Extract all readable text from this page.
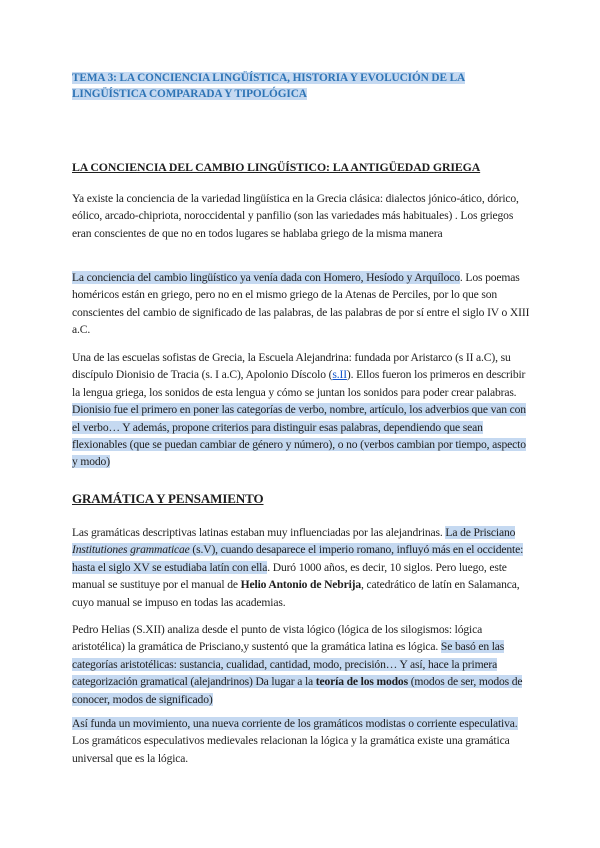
TEMA 3: LA CONCIENCIA LINGÜÍSTICA, HISTORIA Y EVOLUCIÓN DE LA LINGÜÍSTICA COMPARADA Y TIPOLÓGICA
LA CONCIENCIA DEL CAMBIO LINGÜÍSTICO: LA ANTIGÜEDAD GRIEGA

Ya existe la conciencia de la variedad lingüística en la Grecia clásica: dialectos jónico-ático, dórico, eólico, arcado-chipriota, noroccidental y panfilio (son las variedades más habituales) . Los griegos eran conscientes de que no en todos lugares se hablaba griego de la misma manera

La conciencia del cambio lingüístico ya venía dada con Homero, Hesíodo y Arquíloco. Los poemas homéricos están en griego, pero no en el mismo griego de la Atenas de Perciles, por lo que son conscientes del cambio de significado de las palabras, de las palabras de por sí entre el siglo IV o XIII a.C.

Una de las escuelas sofistas de Grecia, la Escuela Alejandrina: fundada por Aristarco (s II a.C), su discípulo Dionisio de Tracia (s. I a.C), Apolonio Díscolo (s.II). Ellos fueron los primeros en describir la lengua griega, los sonidos de esta lengua y cómo se juntan los sonidos para poder crear palabras. Dionisio fue el primero en poner las categorías de verbo, nombre, artículo, los adverbios que van con el verbo… Y además, propone criterios para distinguir esas palabras, dependiendo que sean flexionables (que se puedan cambiar de género y número), o no (verbos cambian por tiempo, aspecto y modo)

GRAMÁTICA Y PENSAMIENTO

Las gramáticas descriptivas latinas estaban muy influenciadas por las alejandrinas. La de Prisciano Institutiones grammaticae (s.V), cuando desaparece el imperio romano, influyó más en el occidente: hasta el siglo XV se estudiaba latín con ella. Duró 1000 años, es decir, 10 siglos. Pero luego, este manual se sustituye por el manual de Helio Antonio de Nebrija, catedrático de latín en Salamanca, cuyo manual se impuso en todas las academias.

Pedro Helias (S.XII) analiza desde el punto de vista lógico (lógica de los silogismos: lógica aristotélica) la gramática de Prisciano,y sustentó que la gramática latina es lógica. Se basó en las categorías aristotélicas: sustancia, cualidad, cantidad, modo, precisión… Y así, hace la primera categorización gramatical (alejandrinos) Da lugar a la teoría de los modos (modos de ser, modos de conocer, modos de significado)

Así funda un movimiento, una nueva corriente de los gramáticos modistas o corriente especulativa. Los gramáticos especulativos medievales relacionan la lógica y la gramática existe una gramática universal que es la lógica.
